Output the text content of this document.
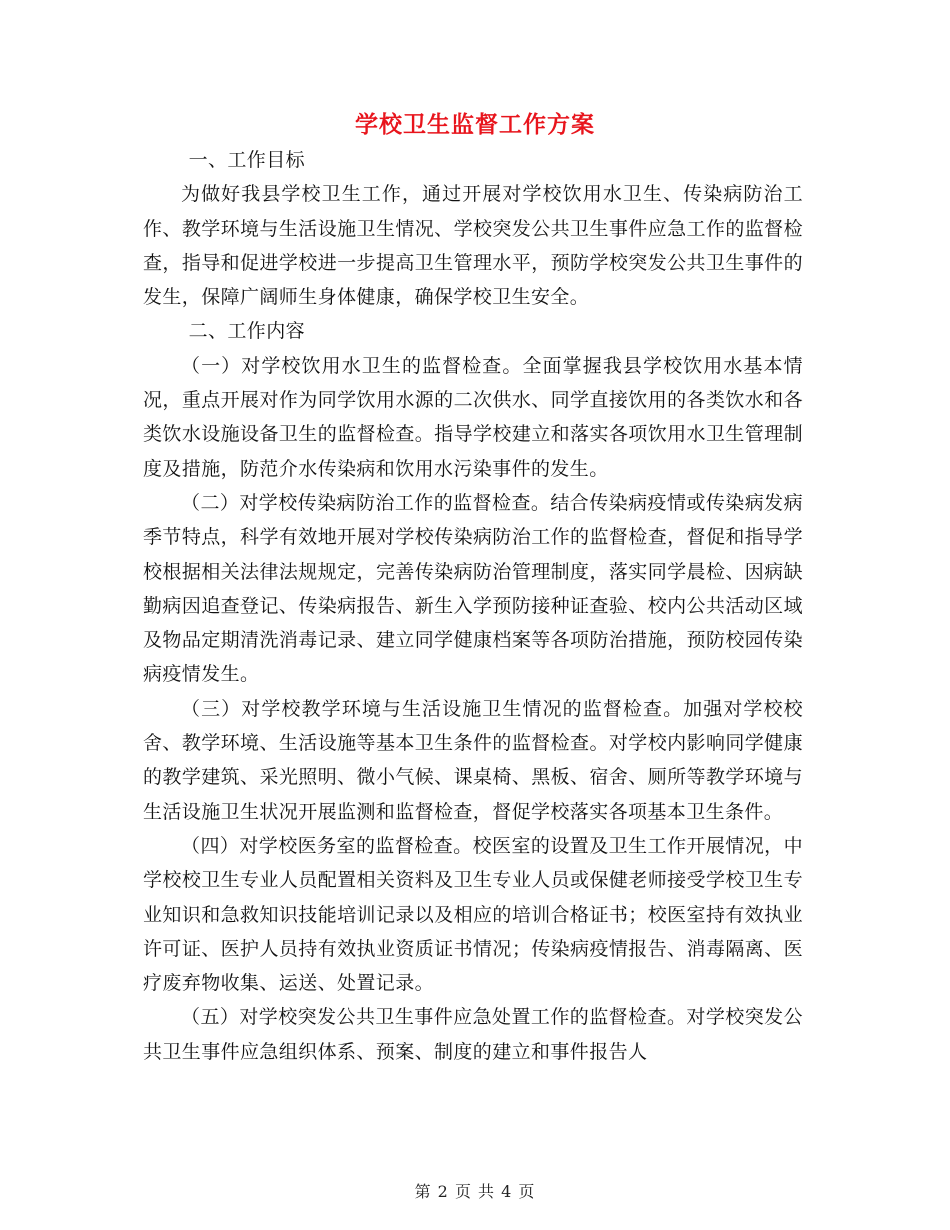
学校卫生监督工作方案

一、工作目标

为做好我县学校卫生工作，通过开展对学校饮用水卫生、传染病防治工作、教学环境与生活设施卫生情况、学校突发公共卫生事件应急工作的监督检查，指导和促进学校进一步提高卫生管理水平，预防学校突发公共卫生事件的发生，保障广阔师生身体健康，确保学校卫生安全。

二、工作内容

（一）对学校饮用水卫生的监督检查。全面掌握我县学校饮用水基本情况，重点开展对作为同学饮用水源的二次供水、同学直接饮用的各类饮水和各类饮水设施设备卫生的监督检查。指导学校建立和落实各项饮用水卫生管理制度及措施，防范介水传染病和饮用水污染事件的发生。

（二）对学校传染病防治工作的监督检查。结合传染病疫情或传染病发病季节特点，科学有效地开展对学校传染病防治工作的监督检查，督促和指导学校根据相关法律法规规定，完善传染病防治管理制度，落实同学晨检、因病缺勤病因追查登记、传染病报告、新生入学预防接种证查验、校内公共活动区域及物品定期清洗消毒记录、建立同学健康档案等各项防治措施，预防校园传染病疫情发生。

（三）对学校教学环境与生活设施卫生情况的监督检查。加强对学校校舍、教学环境、生活设施等基本卫生条件的监督检查。对学校内影响同学健康的教学建筑、采光照明、微小气候、课桌椅、黑板、宿舍、厕所等教学环境与生活设施卫生状况开展监测和监督检查，督促学校落实各项基本卫生条件。

（四）对学校医务室的监督检查。校医室的设置及卫生工作开展情况，中学校校卫生专业人员配置相关资料及卫生专业人员或保健老师接受学校卫生专业知识和急救知识技能培训记录以及相应的培训合格证书；校医室持有效执业许可证、医护人员持有效执业资质证书情况；传染病疫情报告、消毒隔离、医疗废弃物收集、运送、处置记录。

（五）对学校突发公共卫生事件应急处置工作的监督检查。对学校突发公共卫生事件应急组织体系、预案、制度的建立和事件报告人

第 2 页 共 4 页
